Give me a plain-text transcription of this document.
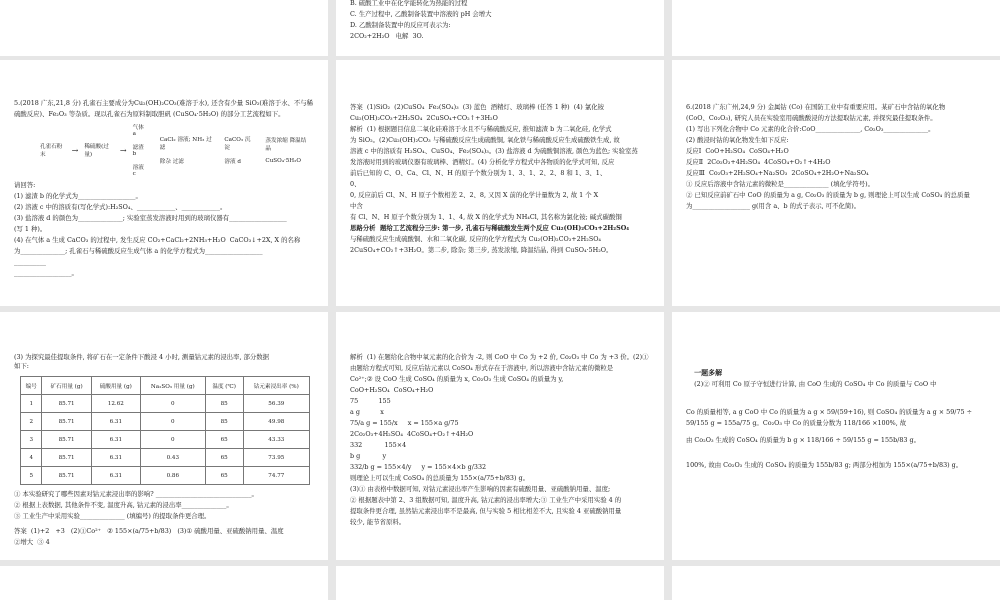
B. 硫酸工业中在化学能转化为热能的过程
C. 生产过程中, 乙酸制备装置中溶液的 pH 会增大
D. 乙酸制备装置中的反应可表示为:
2CO₂+2H₂O   电解  3O.
5.(2018 广东,21,8 分) 孔雀石主要成分为Cu₂(OH)₂CO₃(难溶于水), 还含有少量 SiO₂(难溶于水、不与稀硫酸反应)、Fe₂O₃ 等杂质。现以孔雀石为原料制取胆矾 (CuSO₄·5H₂O) 的部分工艺流程如下。
孔雀石粉末
→ 稀硫酸(过量)
→
气体 a
滤渣 b
溶液 c
CaCl₂ 溶液; NH₃ 过滤
除杂 过滤
CaCO₃ 沉淀
溶液 d
蒸发浓缩 降温结晶
CuSO₄·5H₂O
请回答:
(1) 滤渣 b 的化学式为__________________。
(2) 溶液 c 中的溶质有(写化学式):H₂SO₄、____________、____________。
(3) 盐溶液 d 的颜色为______________; 实验室蒸发溶液时用到的玻璃仪器有__________________
(写 1 种)。
(4) 在气体 a 生成 CaCO₃ 的过程中, 发生反应 CO₂+CaCl₂+2NH₃+H₂O  CaCO₃↓+2X, X 的名称
为______________; 孔雀石与稀硫酸反应生成气体 a 的化学方程式为__________________
__________
__________________。
答案  (1)SiO₂  (2)CuSO₄  Fe₂(SO₄)₃  (3) 蓝色  酒精灯、玻璃棒 (任答 1 种)  (4) 氯化铵
Cu₂(OH)₂CO₃+2H₂SO₄  2CuSO₄+CO₂↑+3H₂O
解析  (1) 根据题目信息二氧化硅难溶于水且不与稀硫酸反应, 推知滤渣 b 为二氧化硅, 化学式
为 SiO₂。(2)Cu₂(OH)₂CO₃ 与稀硫酸反应生成硫酸铜, 氧化铁与稀硫酸反应生成硫酸铁生成, 故
溶液 c 中的溶质有 H₂SO₄、CuSO₄、Fe₂(SO₄)₃。(3) 盐溶液 d 为硫酸铜溶液, 颜色为蓝色; 实验室蒸
发溶液时用到的玻璃仪器有玻璃棒、酒精灯。(4) 分析化学方程式中各物质的化学式可知, 反应
前后已知的 C、O、Ca、Cl、N、H 的原子个数分别为 1、3、1、2、2、8 和 1、3、1、
0、
0, 反应前后 Cl、N、H 原子个数相差 2、2、8, 又因 X 前的化学计量数为 2, 故 1 个 X
中含
有 Cl、N、H 原子个数分别为 1、1、4, 故 X 的化学式为 NH₄Cl, 其名称为氯化铵; 碱式碳酸铜
思路分析  题给工艺流程分三步: 第一步, 孔雀石与稀硫酸发生两个反应 Cu₂(OH)₂CO₃+2H₂SO₄
与稀硫酸反应生成硫酸铜、水和二氧化碳, 反应的化学方程式为 Cu₂(OH)₂CO₃+2H₂SO₄
2CuSO₄+CO₂↑+3H₂O。第二步, 除杂; 第三步, 蒸发浓缩, 降温结晶, 得到 CuSO₄·5H₂O。
6.(2018 广东广州,24,9 分) 金属钴 (Co) 在国防工业中有重要应用。某矿石中含钴的氧化物
(CoO、Co₂O₃), 研究人员在实验室用硫酸酸浸的方法提取钴元素, 并探究最佳提取条件。
(1) 写出下列化合物中 Co 元素的化合价:CoO______________, Co₂O₃______________。
(2) 酸浸时钴的氧化物发生如下反应:
反应Ⅰ  CoO+H₂SO₄  CoSO₄+H₂O
反应Ⅱ  2Co₂O₃+4H₂SO₄  4CoSO₄+O₂↑+4H₂O
反应Ⅲ  Co₂O₃+2H₂SO₄+Na₂SO₃  2CoSO₄+2H₂O+Na₂SO₄
① 反应后溶液中含钴元素的微粒是______________ (填化学符号)。
② 已知反应前矿石中 CoO 的质量为 a g, Co₂O₃ 的质量为 b g, 则理论上可以生成 CoSO₄ 的总质量
为__________________ g(用含 a、b 的式子表示, 可不化简)。
(3) 为探究最佳提取条件, 将矿石在一定条件下酸浸 4 小时, 测量钴元素的浸出率, 部分数据
如下:
编号	矿石用量 (g)	硫酸用量 (g)	Na₂SO₃ 用量 (g)	温度 (℃)	钴元素浸出率 (%)
1	85.71	12.62	0	85	56.39
2	85.71	6.31	0	85	49.98
3	85.71	6.31	0	65	43.33
4	85.71	6.31	0.43	65	73.95
5	85.71	6.31	0.86	65	74.77
① 本实验研究了哪些因素对钴元素浸出率的影响? ______________________________。
② 根据上表数据, 其他条件不变, 温度升高, 钴元素的浸出率______________。
③ 工业生产中采用实验______________ (填编号) 的提取条件更合理。
答案  (1)+2   +3   (2)①Co²⁺   ② 155×(a/75+b/83)   (3)① 硫酸用量、亚硫酸钠用量、温度
②增大  ③ 4
解析  (1) 在题给化合物中氧元素的化合价为 -2, 则 CoO 中 Co 为 +2 价, Co₂O₃ 中 Co 为 +3 价。(2)①
由题给方程式可知, 反应后钴元素以 CoSO₄ 形式存在于溶液中, 所以溶液中含钴元素的微粒是
Co²⁺;② 设 CoO 生成 CoSO₄ 的质量为 x, Co₂O₃ 生成 CoSO₄ 的质量为 y,
CoO+H₂SO₄  CoSO₄+H₂O
75          155
a g          x
75/a g = 155/x     x = 155×a g/75
2Co₂O₃+4H₂SO₄  4CoSO₄+O₂↑+4H₂O
332           155×4
b g           y
332/b g = 155×4/y     y = 155×4×b g/332
则理论上可以生成 CoSO₄ 的总质量为 155×(a/75+b/83) g。
(3)① 由表格中数据可知, 对钴元素浸出率产生影响的因素有硫酸用量、亚硫酸钠用量、温度;
② 根据题表中第 2、3 组数据可知, 温度升高, 钴元素的浸出率增大;③ 工业生产中采用实验 4 的
提取条件更合理, 虽然钴元素浸出率不是最高, 但与实验 5 相比相差不大, 且实验 4 亚硫酸钠用量
较少, 能节省原料。

一题多解
(2)② 可利用 Co 原子守恒进行计算, 由 CoO 生成的 CoSO₄ 中 Co 的质量与 CoO 中

Co 的质量相等, a g CoO 中 Co 的质量为 a g × 59/(59+16), 则 CoSO₄ 的质量为 a g × 59/75 ÷ 59/155 g = 155a/75 g。Co₂O₃ 中 Co 的质量分数为 118/166 ×100%, 故
由 Co₂O₃ 生成的 CoSO₄ 的质量为 b g × 118/166 ÷ 59/155 g = 155b/83 g。
100%, 故由 Co₂O₃ 生成的 CoSO₄ 的质量为 155b/83 g; 两部分相加为 155×(a/75+b/83) g。
